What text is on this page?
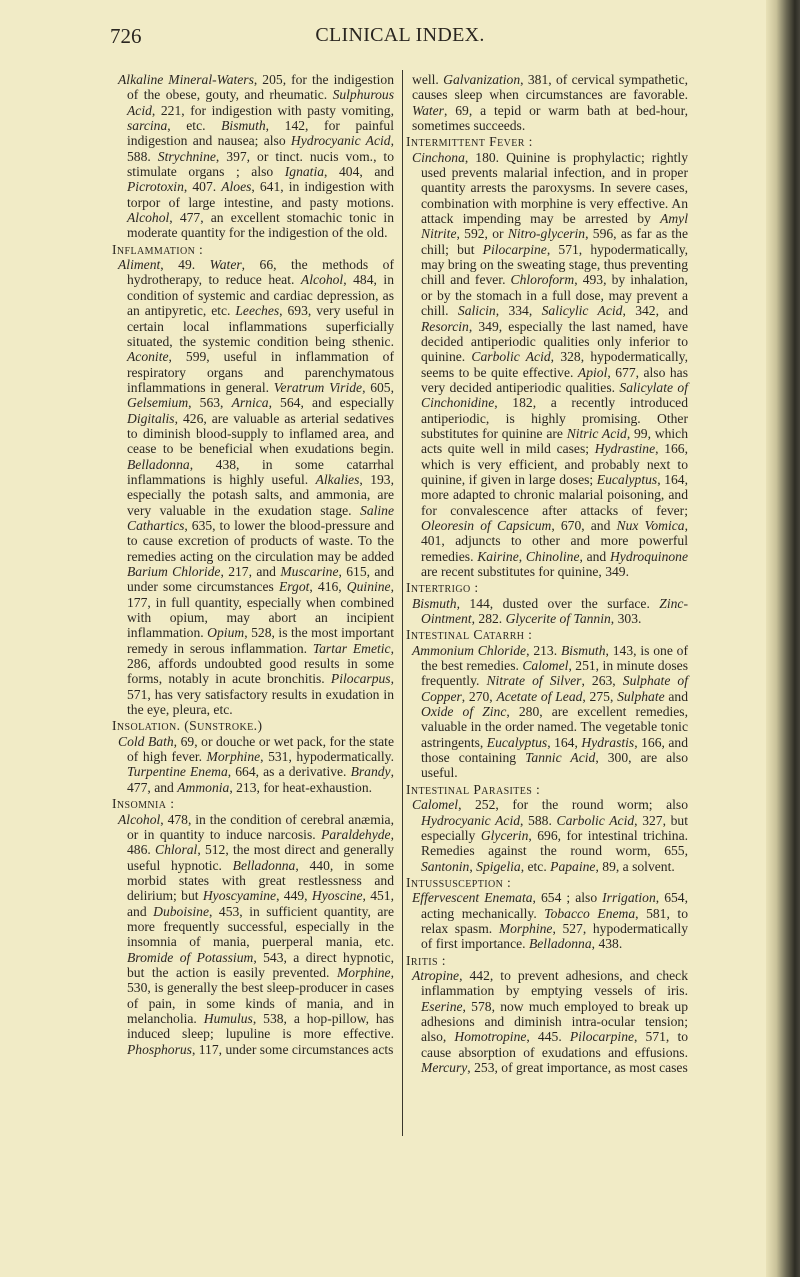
726	CLINICAL INDEX.

Alkaline Mineral-Waters, 205, for the indigestion of the obese, gouty, and rheumatic. Sulphurous Acid, 221, for indigestion with pasty vomiting, sarcina, etc. Bismuth, 142, for painful indigestion and nausea; also Hydrocyanic Acid, 588. Strychnine, 397, or tinct. nucis vom., to stimulate organs ; also Ignatia, 404, and Picrotoxin, 407. Aloes, 641, in indigestion with torpor of large intestine, and pasty motions. Alcohol, 477, an excellent stomachic tonic in moderate quantity for the indigestion of the old.

Inflammation :

Aliment, 49. Water, 66, the methods of hydrotherapy, to reduce heat. Alcohol, 484, in condition of systemic and cardiac depression, as an antipyretic, etc. Leeches, 693, very useful in certain local inflammations superficially situated, the systemic condition being sthenic. Aconite, 599, useful in inflammation of respiratory organs and parenchymatous inflammations in general. Veratrum Viride, 605, Gelsemium, 563, Arnica, 564, and especially Digitalis, 426, are valuable as arterial sedatives to diminish blood-supply to inflamed area, and cease to be beneficial when exudations begin. Belladonna, 438, in some catarrhal inflammations is highly useful. Alkalies, 193, especially the potash salts, and ammonia, are very valuable in the exudation stage. Saline Cathartics, 635, to lower the blood-pressure and to cause excretion of products of waste. To the remedies acting on the circulation may be added Barium Chloride, 217, and Muscarine, 615, and under some circumstances Ergot, 416, Quinine, 177, in full quantity, especially when combined with opium, may abort an incipient inflammation. Opium, 528, is the most important remedy in serous inflammation. Tartar Emetic, 286, affords undoubted good results in some forms, notably in acute bronchitis. Pilocarpus, 571, has very satisfactory results in exudation in the eye, pleura, etc.

Insolation. (Sunstroke.)

Cold Bath, 69, or douche or wet pack, for the state of high fever. Morphine, 531, hypodermatically. Turpentine Enema, 664, as a derivative. Brandy, 477, and Ammonia, 213, for heat-exhaustion.

Insomnia :

Alcohol, 478, in the condition of cerebral anæmia, or in quantity to induce narcosis. Paraldehyde, 486. Chloral, 512, the most direct and generally useful hypnotic. Belladonna, 440, in some morbid states with great restlessness and delirium; but Hyoscyamine, 449, Hyoscine, 451, and Duboisine, 453, in sufficient quantity, are more frequently successful, especially in the insomnia of mania, puerperal mania, etc. Bromide of Potassium, 543, a direct hypnotic, but the action is easily prevented. Morphine, 530, is generally the best sleep-producer in cases of pain, in some kinds of mania, and in melancholia. Humulus, 538, a hop-pillow, has induced sleep; lupuline is more effective. Phosphorus, 117, under some circumstances acts

well. Galvanization, 381, of cervical sympathetic, causes sleep when circumstances are favorable. Water, 69, a tepid or warm bath at bed-hour, sometimes succeeds.

Intermittent Fever :

Cinchona, 180. Quinine is prophylactic; rightly used prevents malarial infection, and in proper quantity arrests the paroxysms. In severe cases, combination with morphine is very effective. An attack impending may be arrested by Amyl Nitrite, 592, or Nitro-glycerin, 596, as far as the chill; but Pilocarpine, 571, hypodermatically, may bring on the sweating stage, thus preventing chill and fever. Chloroform, 493, by inhalation, or by the stomach in a full dose, may prevent a chill. Salicin, 334, Salicylic Acid, 342, and Resorcin, 349, especially the last named, have decided antiperiodic qualities only inferior to quinine. Carbolic Acid, 328, hypodermatically, seems to be quite effective. Apiol, 677, also has very decided antiperiodic qualities. Salicylate of Cinchonidine, 182, a recently introduced antiperiodic, is highly promising. Other substitutes for quinine are Nitric Acid, 99, which acts quite well in mild cases; Hydrastine, 166, which is very efficient, and probably next to quinine, if given in large doses; Eucalyptus, 164, more adapted to chronic malarial poisoning, and for convalescence after attacks of fever; Oleoresin of Capsicum, 670, and Nux Vomica, 401, adjuncts to other and more powerful remedies. Kairine, Chinoline, and Hydroquinone are recent substitutes for quinine, 349.

Intertrigo :

Bismuth, 144, dusted over the surface. Zinc-Ointment, 282. Glycerite of Tannin, 303.

Intestinal Catarrh :

Ammonium Chloride, 213. Bismuth, 143, is one of the best remedies. Calomel, 251, in minute doses frequently. Nitrate of Silver, 263, Sulphate of Copper, 270, Acetate of Lead, 275, Sulphate and Oxide of Zinc, 280, are excellent remedies, valuable in the order named. The vegetable tonic astringents, Eucalyptus, 164, Hydrastis, 166, and those containing Tannic Acid, 300, are also useful.

Intestinal Parasites :

Calomel, 252, for the round worm; also Hydrocyanic Acid, 588. Carbolic Acid, 327, but especially Glycerin, 696, for intestinal trichina. Remedies against the round worm, 655, Santonin, Spigelia, etc. Papaine, 89, a solvent.

Intussusception :

Effervescent Enemata, 654 ; also Irrigation, 654, acting mechanically. Tobacco Enema, 581, to relax spasm. Morphine, 527, hypodermatically of first importance. Belladonna, 438.

Iritis :

Atropine, 442, to prevent adhesions, and check inflammation by emptying vessels of iris. Eserine, 578, now much employed to break up adhesions and diminish intra-ocular tension; also, Homotropine, 445. Pilocarpine, 571, to cause absorption of exudations and effusions. Mercury, 253, of great importance, as most cases
